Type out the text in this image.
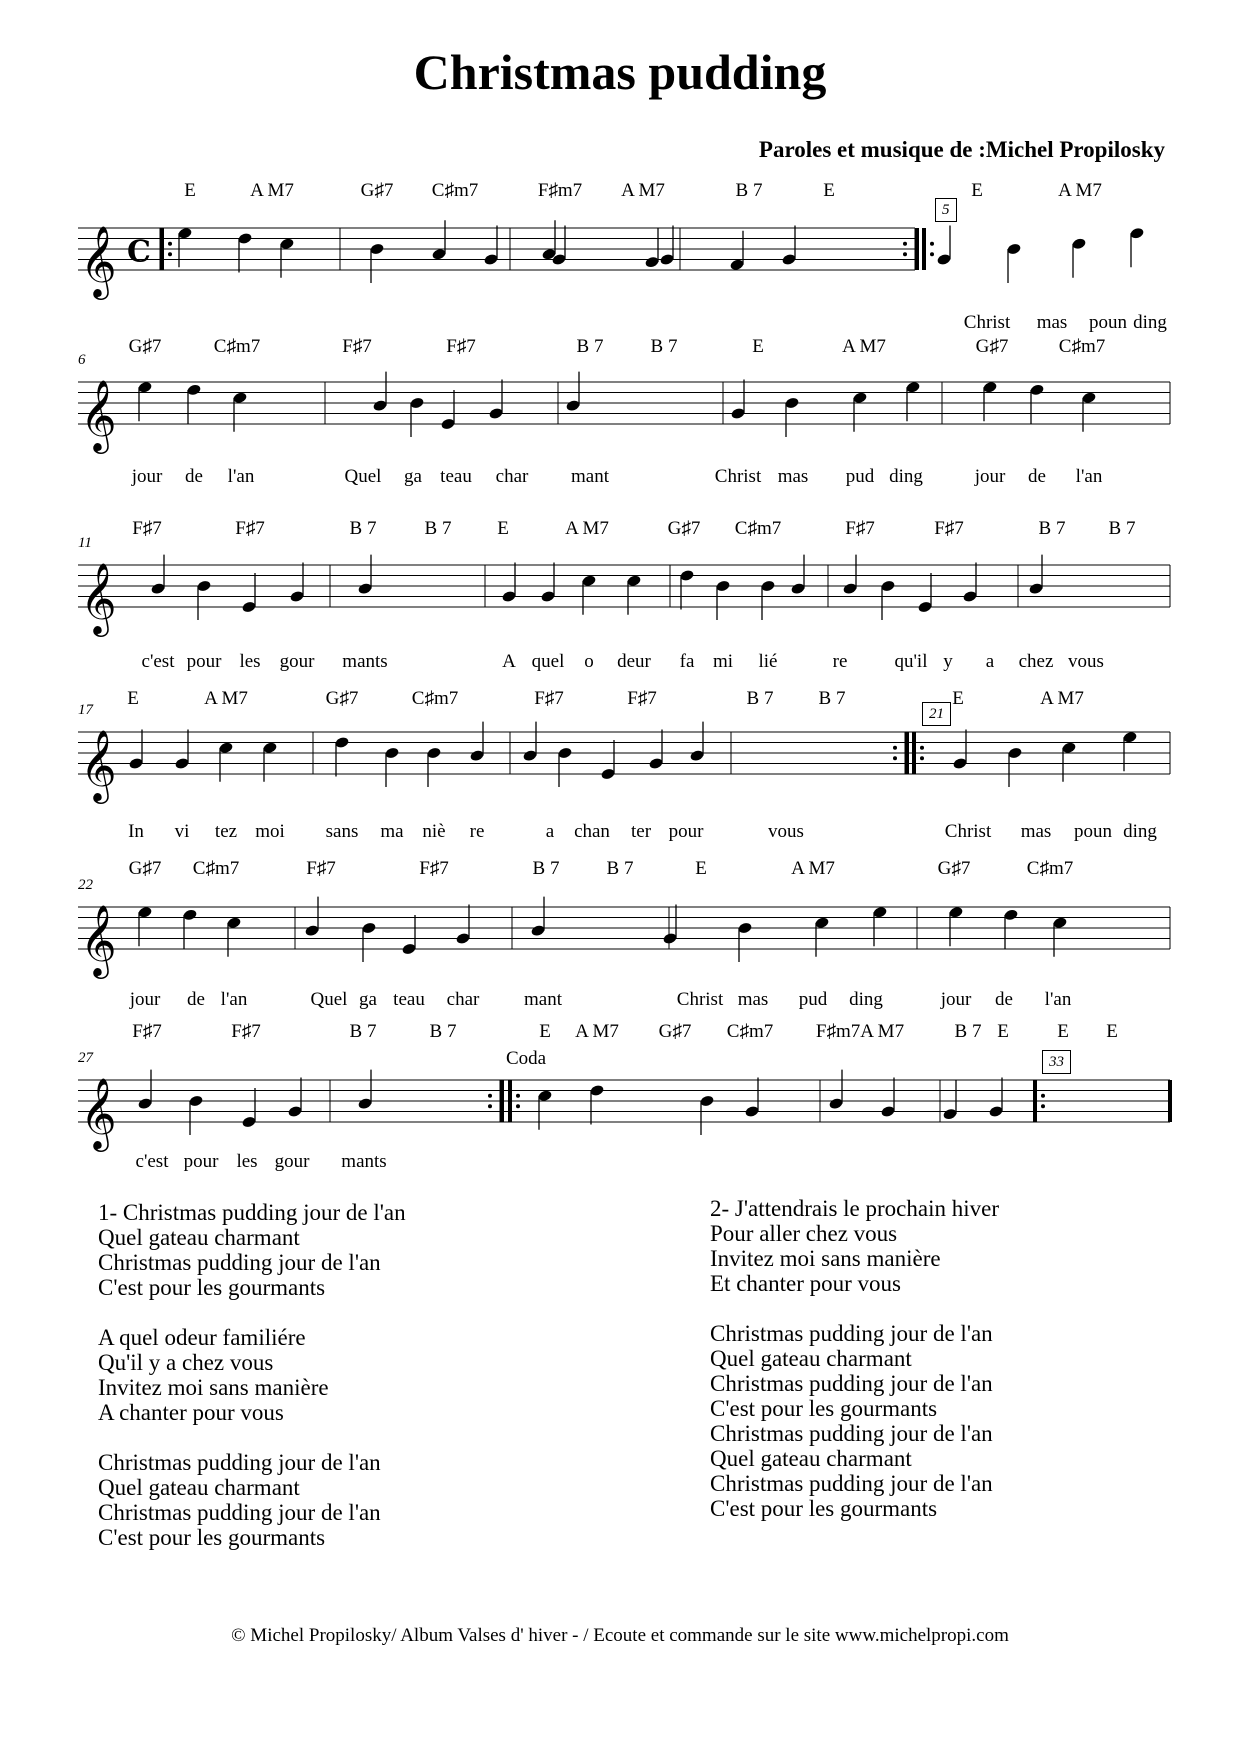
Christmas pudding
Paroles et musique de :Michel Propilosky
𝄞 C
5
E	A M7	G♯7 C♯m7	F♯m7 A M7	B 7	E	E	A M7
Christ mas poun ding
𝄞
6
G♯7	C♯m7	F♯7	F♯7	B 7 B 7	E	A M7	G♯7	C♯m7
jour de l'an	Quel ga teau char mant	Christ mas pud ding	jour de l'an
𝄞
11
F♯7	F♯7	B 7	B 7 E	A M7	G♯7 C♯m7	F♯7	F♯7	B 7 B 7
c'est pour les gour mants	A quel o deur fa mi lié	re qu'il y a chez vous
𝄞
17	21
E	A M7	G♯7	C♯m7	F♯7	F♯7	B 7 B 7	E	A M7
In vi tez moi sans ma niè re	a chan ter pour	vous	Christ mas poun ding
𝄞
22
G♯7 C♯m7	F♯7	F♯7	B 7 B 7	E	A M7	G♯7	C♯m7
jour de l'an	Quel ga teau char mant	Christ mas pud ding	jour de l'an
𝄞
27	33
Coda
F♯7	F♯7	B 7	B 7	E A M7 G♯7 C♯m7 F♯m7A M7	B 7 E	E E
c'est pour les gour mants
1- Christmas pudding jour de l'an
Quel gateau charmant
Christmas pudding jour de l'an
C'est pour les gourmants
A quel odeur familiére
Qu'il y a chez vous
Invitez moi sans manière
A chanter pour vous
Christmas pudding jour de l'an
Quel gateau charmant
Christmas pudding jour de l'an
C'est pour les gourmants
2- J'attendrais le prochain hiver
Pour aller chez vous
Invitez moi sans manière
Et chanter pour vous
Christmas pudding jour de l'an
Quel gateau charmant
Christmas pudding jour de l'an
C'est pour les gourmants
Christmas pudding jour de l'an
Quel gateau charmant
Christmas pudding jour de l'an
C'est pour les gourmants
© Michel Propilosky/ Album Valses d' hiver - / Ecoute et commande sur le site www.michelpropi.com
